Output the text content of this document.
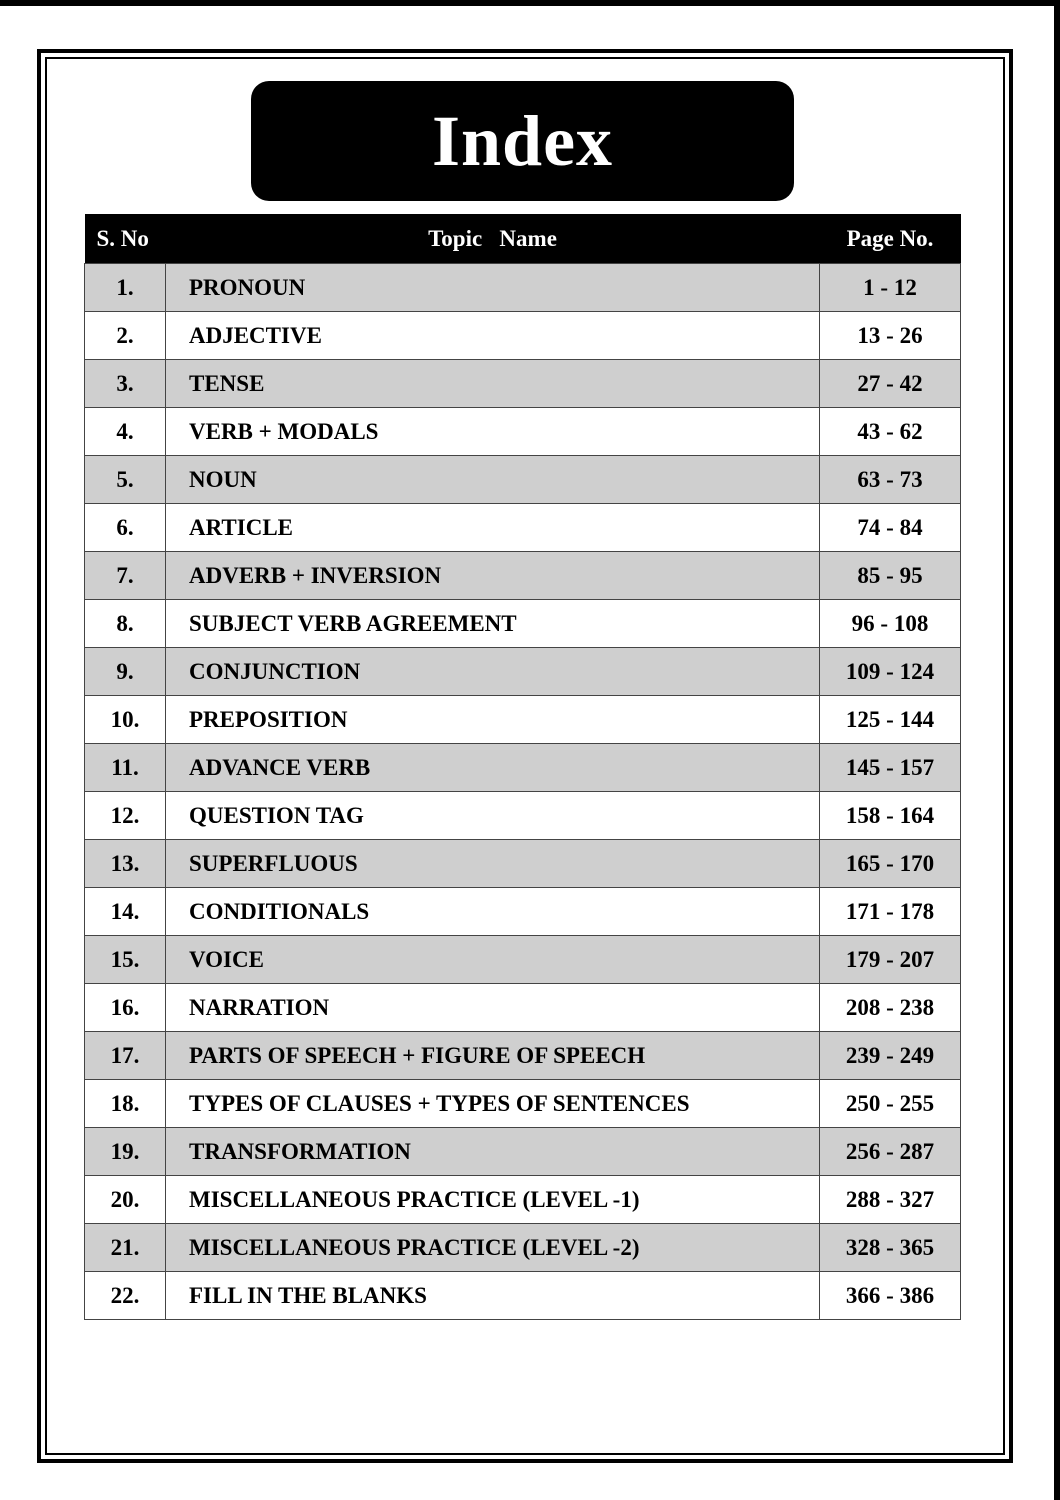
Index
S. No	Topic   Name	Page No.
1.	PRONOUN	1 - 12
2.	ADJECTIVE	13 - 26
3.	TENSE	27 - 42
4.	VERB + MODALS	43 - 62
5.	NOUN	63 - 73
6.	ARTICLE	74 - 84
7.	ADVERB + INVERSION	85 - 95
8.	SUBJECT VERB AGREEMENT	96 - 108
9.	CONJUNCTION	109 - 124
10.	PREPOSITION	125 - 144
11.	ADVANCE VERB	145 - 157
12.	QUESTION TAG	158 - 164
13.	SUPERFLUOUS	165 - 170
14.	CONDITIONALS	171 - 178
15.	VOICE	179 - 207
16.	NARRATION	208 - 238
17.	PARTS OF SPEECH + FIGURE OF SPEECH	239 - 249
18.	TYPES OF CLAUSES + TYPES OF SENTENCES	250 - 255
19.	TRANSFORMATION	256 - 287
20.	MISCELLANEOUS PRACTICE (LEVEL -1)	288 - 327
21.	MISCELLANEOUS PRACTICE (LEVEL -2)	328 - 365
22.	FILL IN THE BLANKS	366 - 386
